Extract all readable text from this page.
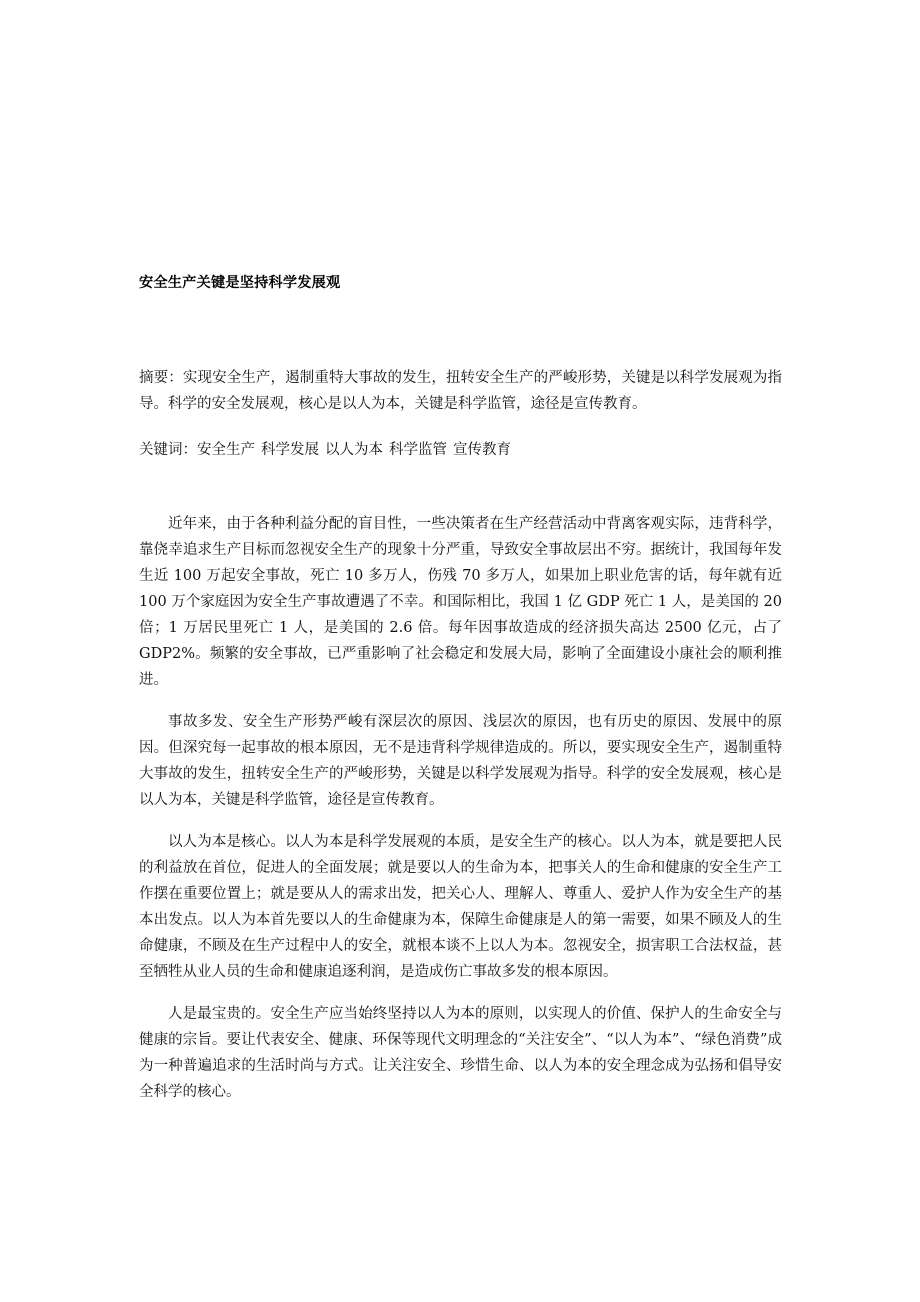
安全生产关键是坚持科学发展观

摘要：实现安全生产，遏制重特大事故的发生，扭转安全生产的严峻形势，关键是以科学发展观为指导。科学的安全发展观，核心是以人为本，关键是科学监管，途径是宣传教育。

关键词：安全生产 科学发展 以人为本 科学监管 宣传教育

近年来，由于各种利益分配的盲目性，一些决策者在生产经营活动中背离客观实际，违背科学，靠侥幸追求生产目标而忽视安全生产的现象十分严重，导致安全事故层出不穷。据统计，我国每年发生近 100 万起安全事故，死亡 10 多万人，伤残 70 多万人，如果加上职业危害的话，每年就有近 100 万个家庭因为安全生产事故遭遇了不幸。和国际相比，我国 1 亿 GDP 死亡 1 人，是美国的 20 倍；1 万居民里死亡 1 人，是美国的 2.6 倍。每年因事故造成的经济损失高达 2500 亿元，占了 GDP2%。频繁的安全事故，已严重影响了社会稳定和发展大局，影响了全面建设小康社会的顺利推进。

事故多发、安全生产形势严峻有深层次的原因、浅层次的原因，也有历史的原因、发展中的原因。但深究每一起事故的根本原因，无不是违背科学规律造成的。所以，要实现安全生产，遏制重特大事故的发生，扭转安全生产的严峻形势，关键是以科学发展观为指导。科学的安全发展观，核心是以人为本，关键是科学监管，途径是宣传教育。

以人为本是核心。以人为本是科学发展观的本质，是安全生产的核心。以人为本，就是要把人民的利益放在首位，促进人的全面发展；就是要以人的生命为本，把事关人的生命和健康的安全生产工作摆在重要位置上；就是要从人的需求出发，把关心人、理解人、尊重人、爱护人作为安全生产的基本出发点。以人为本首先要以人的生命健康为本，保障生命健康是人的第一需要，如果不顾及人的生命健康，不顾及在生产过程中人的安全，就根本谈不上以人为本。忽视安全，损害职工合法权益，甚至牺牲从业人员的生命和健康追逐利润，是造成伤亡事故多发的根本原因。

人是最宝贵的。安全生产应当始终坚持以人为本的原则，以实现人的价值、保护人的生命安全与健康的宗旨。要让代表安全、健康、环保等现代文明理念的“关注安全”、“以人为本”、“绿色消费”成为一种普遍追求的生活时尚与方式。让关注安全、珍惜生命、以人为本的安全理念成为弘扬和倡导安全科学的核心。
